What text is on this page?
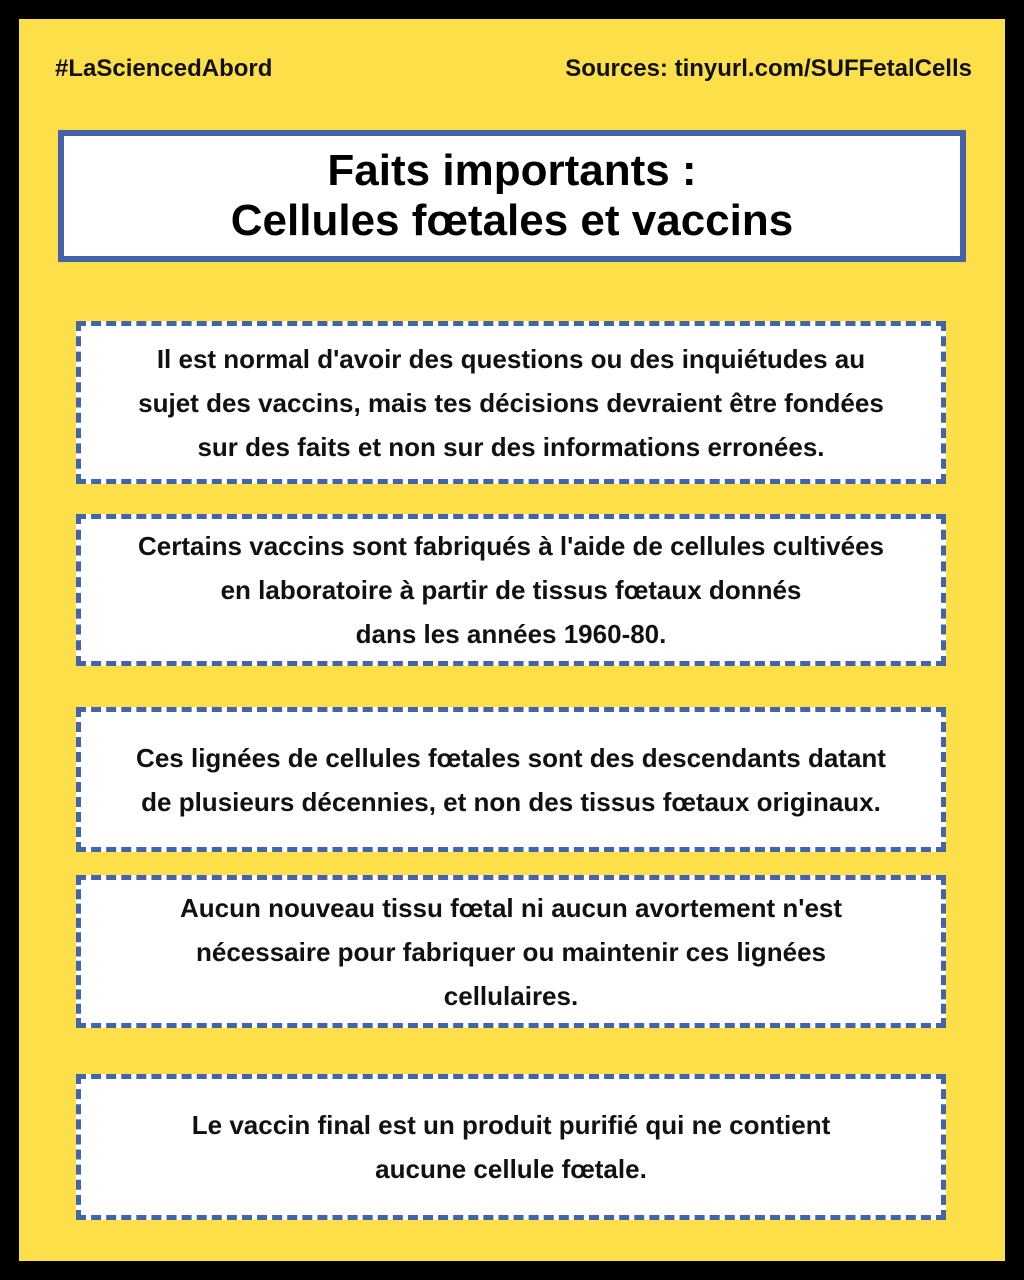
#LaSciencedAbord	Sources: tinyurl.com/SUFFetalCells
Faits importants :
Cellules fœtales et vaccins
Il est normal d'avoir des questions ou des inquiétudes au
sujet des vaccins, mais tes décisions devraient être fondées
sur des faits et non sur des informations erronées.
Certains vaccins sont fabriqués à l'aide de cellules cultivées
en laboratoire à partir de tissus fœtaux donnés
dans les années 1960-80.
Ces lignées de cellules fœtales sont des descendants datant
de plusieurs décennies, et non des tissus fœtaux originaux.
Aucun nouveau tissu fœtal ni aucun avortement n'est
nécessaire pour fabriquer ou maintenir ces lignées
cellulaires.
Le vaccin final est un produit purifié qui ne contient
aucune cellule fœtale.
